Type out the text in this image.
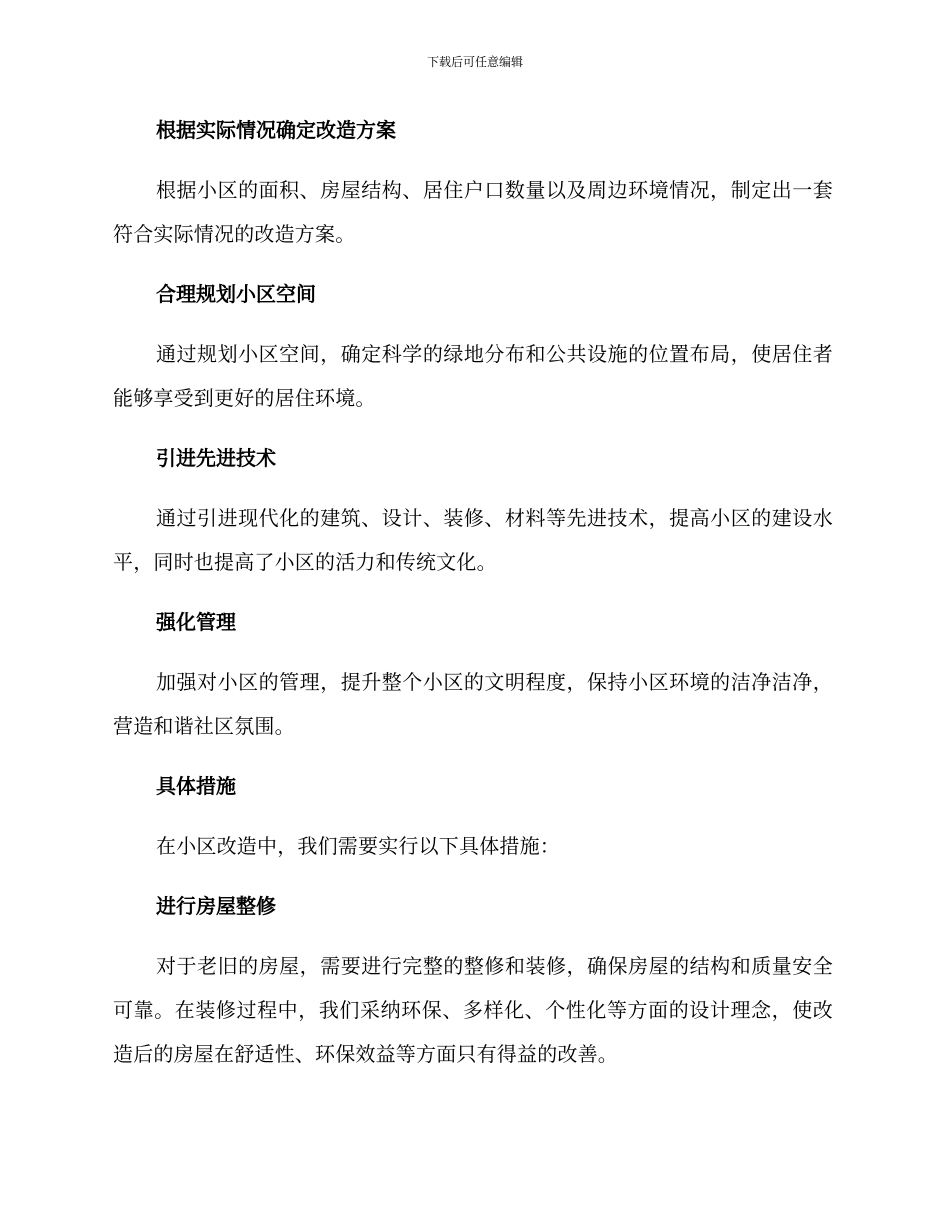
下载后可任意编辑
根据实际情况确定改造方案

根据小区的面积、房屋结构、居住户口数量以及周边环境情况，制定出一套符合实际情况的改造方案。

合理规划小区空间

通过规划小区空间，确定科学的绿地分布和公共设施的位置布局，使居住者能够享受到更好的居住环境。

引进先进技术

通过引进现代化的建筑、设计、装修、材料等先进技术，提高小区的建设水平，同时也提高了小区的活力和传统文化。

强化管理

加强对小区的管理，提升整个小区的文明程度，保持小区环境的洁净洁净，营造和谐社区氛围。

具体措施

在小区改造中，我们需要实行以下具体措施：

进行房屋整修

对于老旧的房屋，需要进行完整的整修和装修，确保房屋的结构和质量安全可靠。在装修过程中，我们采纳环保、多样化、个性化等方面的设计理念，使改造后的房屋在舒适性、环保效益等方面只有得益的改善。
